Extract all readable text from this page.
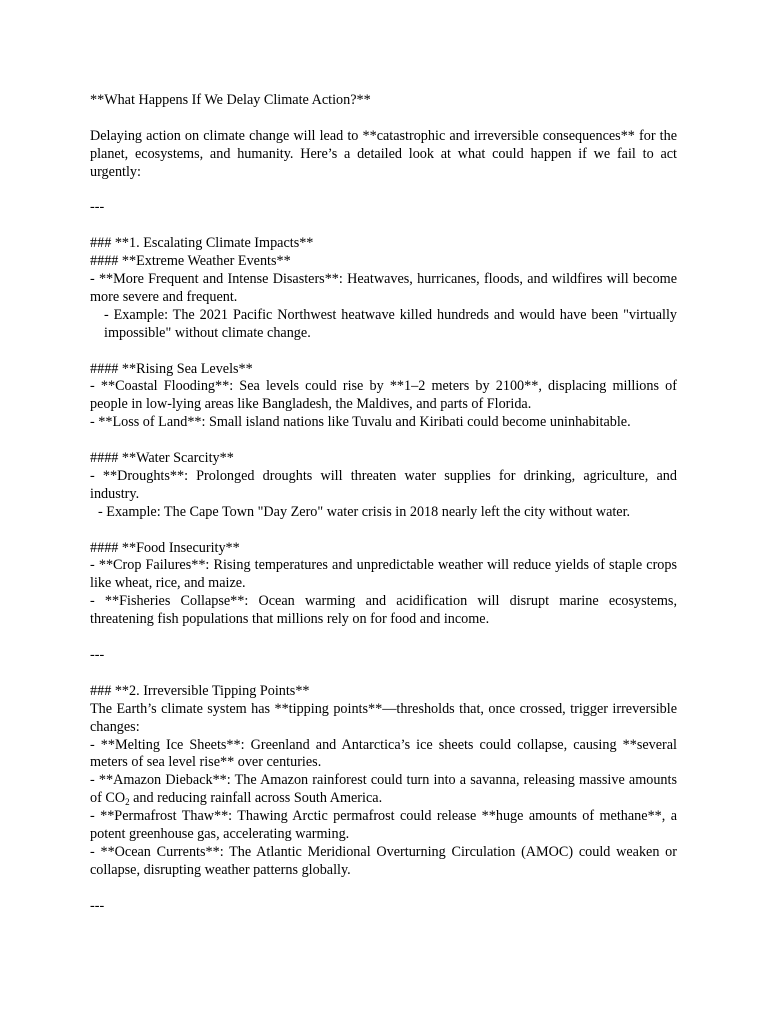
**What Happens If We Delay Climate Action?**

Delaying action on climate change will lead to **catastrophic and irreversible consequences** for the planet, ecosystems, and humanity. Here’s a detailed look at what could happen if we fail to act urgently:

---

### **1. Escalating Climate Impacts**

#### **Extreme Weather Events**

- **More Frequent and Intense Disasters**: Heatwaves, hurricanes, floods, and wildfires will become more severe and frequent.

- Example: The 2021 Pacific Northwest heatwave killed hundreds and would have been "virtually impossible" without climate change.

#### **Rising Sea Levels**

- **Coastal Flooding**: Sea levels could rise by **1–2 meters by 2100**, displacing millions of people in low-lying areas like Bangladesh, the Maldives, and parts of Florida.

- **Loss of Land**: Small island nations like Tuvalu and Kiribati could become uninhabitable.

#### **Water Scarcity**

- **Droughts**: Prolonged droughts will threaten water supplies for drinking, agriculture, and industry.

- Example: The Cape Town "Day Zero" water crisis in 2018 nearly left the city without water.

#### **Food Insecurity**

- **Crop Failures**: Rising temperatures and unpredictable weather will reduce yields of staple crops like wheat, rice, and maize.

- **Fisheries Collapse**: Ocean warming and acidification will disrupt marine ecosystems, threatening fish populations that millions rely on for food and income.

---

### **2. Irreversible Tipping Points**

The Earth’s climate system has **tipping points**—thresholds that, once crossed, trigger irreversible changes:

- **Melting Ice Sheets**: Greenland and Antarctica’s ice sheets could collapse, causing **several meters of sea level rise** over centuries.

- **Amazon Dieback**: The Amazon rainforest could turn into a savanna, releasing massive amounts of $CO_2$ and reducing rainfall across South America.

- **Permafrost Thaw**: Thawing Arctic permafrost could release **huge amounts of methane**, a potent greenhouse gas, accelerating warming.

- **Ocean Currents**: The Atlantic Meridional Overturning Circulation (AMOC) could weaken or collapse, disrupting weather patterns globally.

---
